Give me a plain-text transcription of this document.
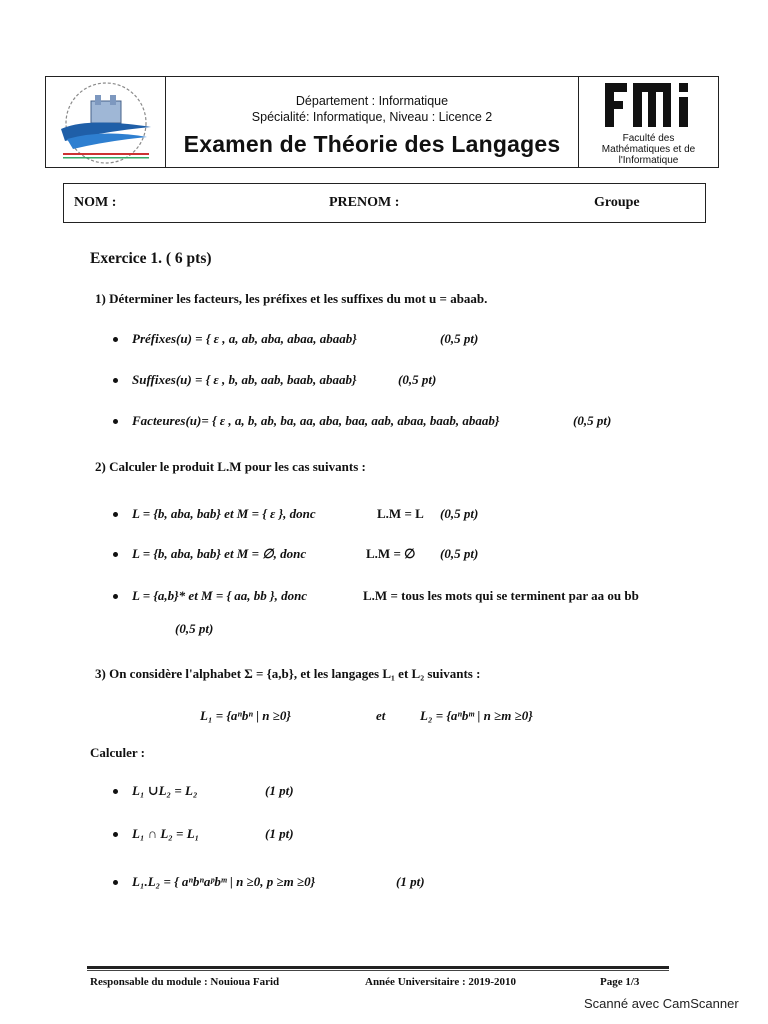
Département : Informatique
Spécialité: Informatique, Niveau : Licence 2
Examen de Théorie des Langages	Faculté des
Mathématiques et de
l'Informatique
NOM :	PRENOM :	Groupe
Exercice 1. ( 6 pts)
1) Déterminer les facteurs, les préfixes et les suffixes du mot u = abaab.
Préfixes(u) = { ε , a, ab, aba, abaa, abaab}	(0,5 pt)
Suffixes(u) = { ε , b, ab, aab, baab, abaab}	(0,5 pt)
Facteures(u)= { ε , a, b, ab, ba, aa, aba, baa, aab, abaa, baab, abaab}	(0,5 pt)
2) Calculer le produit L.M pour les cas suivants :
L = {b, aba, bab} et M = { ε }, donc	L.M = L (0,5 pt)
L = {b, aba, bab} et M = ∅, donc	L.M = ∅ (0,5 pt)
L = {a,b}* et M = { aa, bb }, donc	L.M = tous les mots qui se terminent par aa ou bb
(0,5 pt)
3) On considère l'alphabet Σ = {a,b}, et les langages L₁ et L₂ suivants :
L₁ = {aⁿbⁿ | n ≥0}	et	L₂ = {aⁿbᵐ | n ≥m ≥0}
Calculer :
L₁ ∪L₂ = L₂	(1 pt)
L₁ ∩ L₂ = L₁	(1 pt)
L₁.L₂ = { aⁿbⁿaᵖbᵐ | n ≥0, p ≥m ≥0}	(1 pt)
Responsable du module : Nouioua Farid	Année Universitaire : 2019-2010	Page 1/3
Scanné avec CamScanner
